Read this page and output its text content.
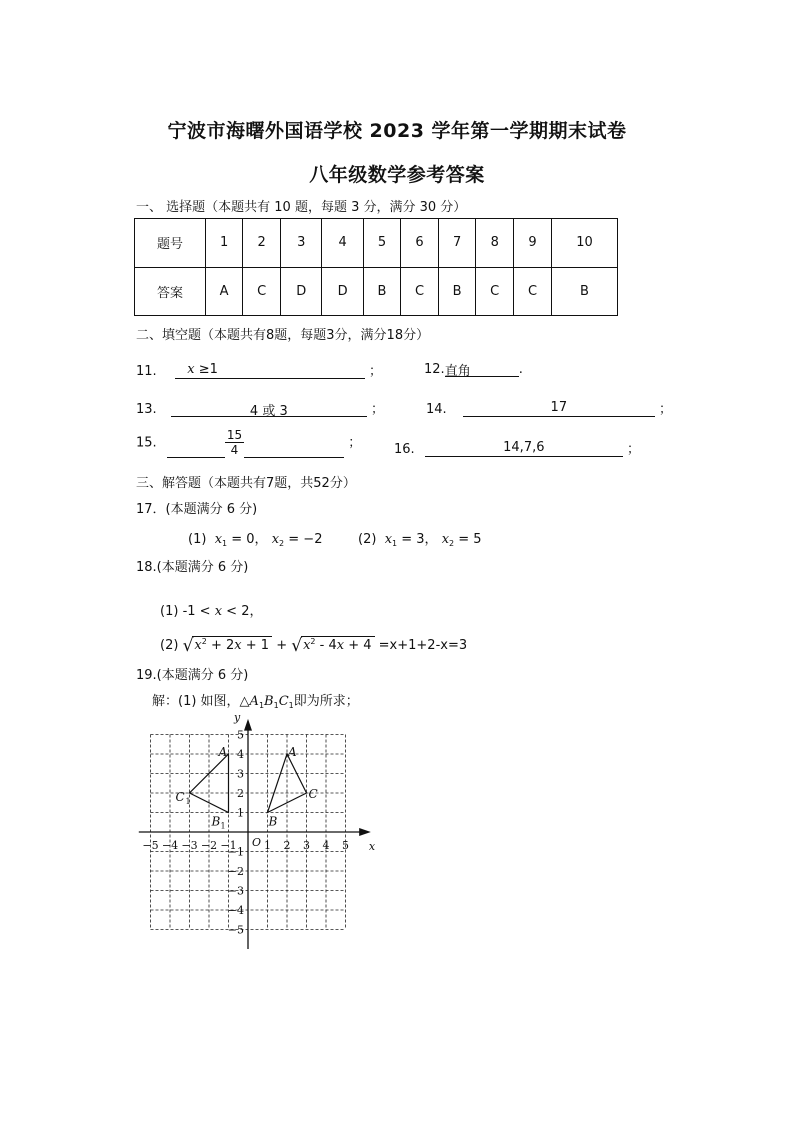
宁波市海曙外国语学校 2023 学年第一学期期末试卷
八年级数学参考答案
一、 选择题（本题共有 10 题，每题 3 分，满分 30 分）
题号	1	2	3	4	5	6	7	8	9	10
答案	A	C	D	D	B	C	B	C	C	B
二、填空题（本题共有8题，每题3分，满分18分）
11. x ≥1	；	12.直角	.
13.	4 或 3	；	14.	17	；
15.	$\frac{15}{4}$	；	16.	14,7,6	；
三、解答题（本题共有7题，共52分）
17．(本题满分 6 分)
(1) $x_1 = 0$， $x_2 = -2$	(2) $x_1 = 3$， $x_2 = 5$
18.(本题满分 6 分)
(1) -1 < x < 2，
(2) $√x^2 + 2x + 1 + √x^2 - 4x + 4 =x+1+2-x=3$
19.(本题满分 6 分)
解：(1) 如图，$\triangle A_1B_1C_1$即为所求；
−5 −4 −3 −2 −1 1 2 3 4 5
5
4
3
2
1
−1
−2
−3
−4
−5
O	x
y
A
C 1
B 1
A
C
B
